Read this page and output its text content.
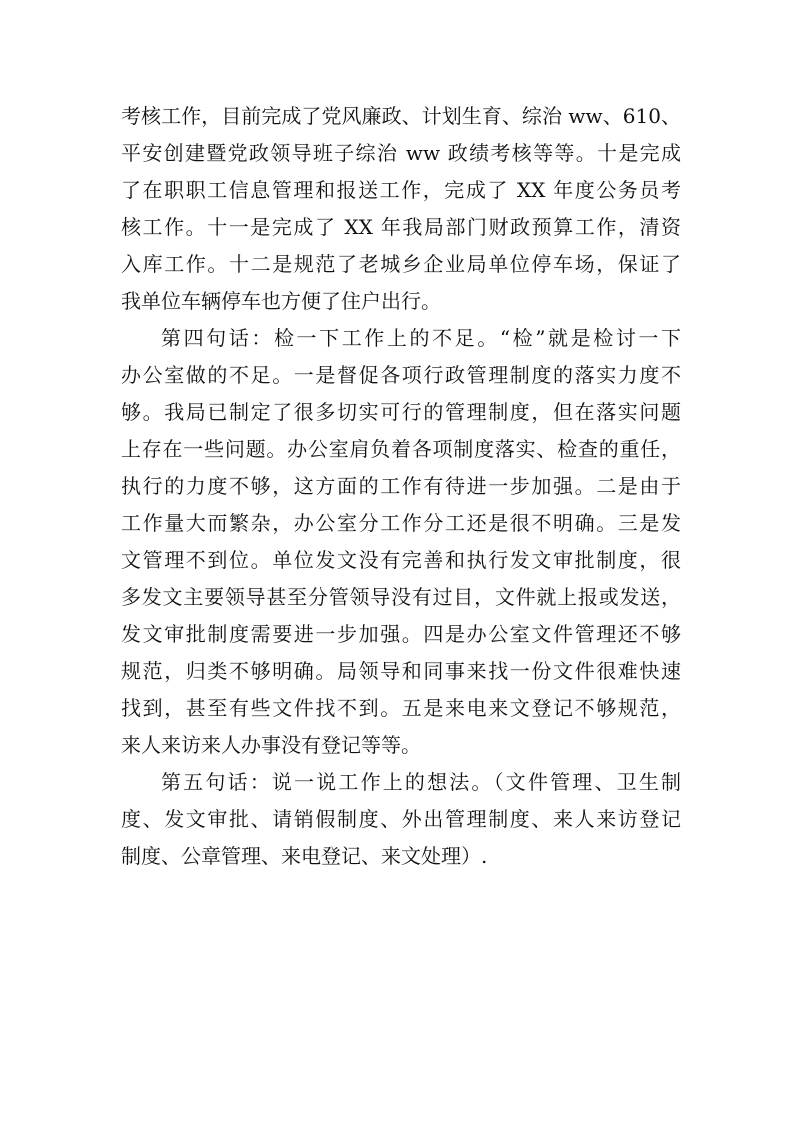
考核工作，目前完成了党风廉政、计划生育、综治 ww、610、
平安创建暨党政领导班子综治 ww 政绩考核等等。十是完成
了在职职工信息管理和报送工作，完成了 XX 年度公务员考
核工作。十一是完成了 XX 年我局部门财政预算工作，清资
入库工作。十二是规范了老城乡企业局单位停车场，保证了
我单位车辆停车也方便了住户出行。
第四句话：检一下工作上的不足。“检”就是检讨一下
办公室做的不足。一是督促各项行政管理制度的落实力度不
够。我局已制定了很多切实可行的管理制度，但在落实问题
上存在一些问题。办公室肩负着各项制度落实、检查的重任，
执行的力度不够，这方面的工作有待进一步加强。二是由于
工作量大而繁杂，办公室分工作分工还是很不明确。三是发
文管理不到位。单位发文没有完善和执行发文审批制度，很
多发文主要领导甚至分管领导没有过目，文件就上报或发送，
发文审批制度需要进一步加强。四是办公室文件管理还不够
规范，归类不够明确。局领导和同事来找一份文件很难快速
找到，甚至有些文件找不到。五是来电来文登记不够规范，
来人来访来人办事没有登记等等。
第五句话：说一说工作上的想法。（文件管理、卫生制
度、发文审批、请销假制度、外出管理制度、来人来访登记
制度、公章管理、来电登记、来文处理）.
